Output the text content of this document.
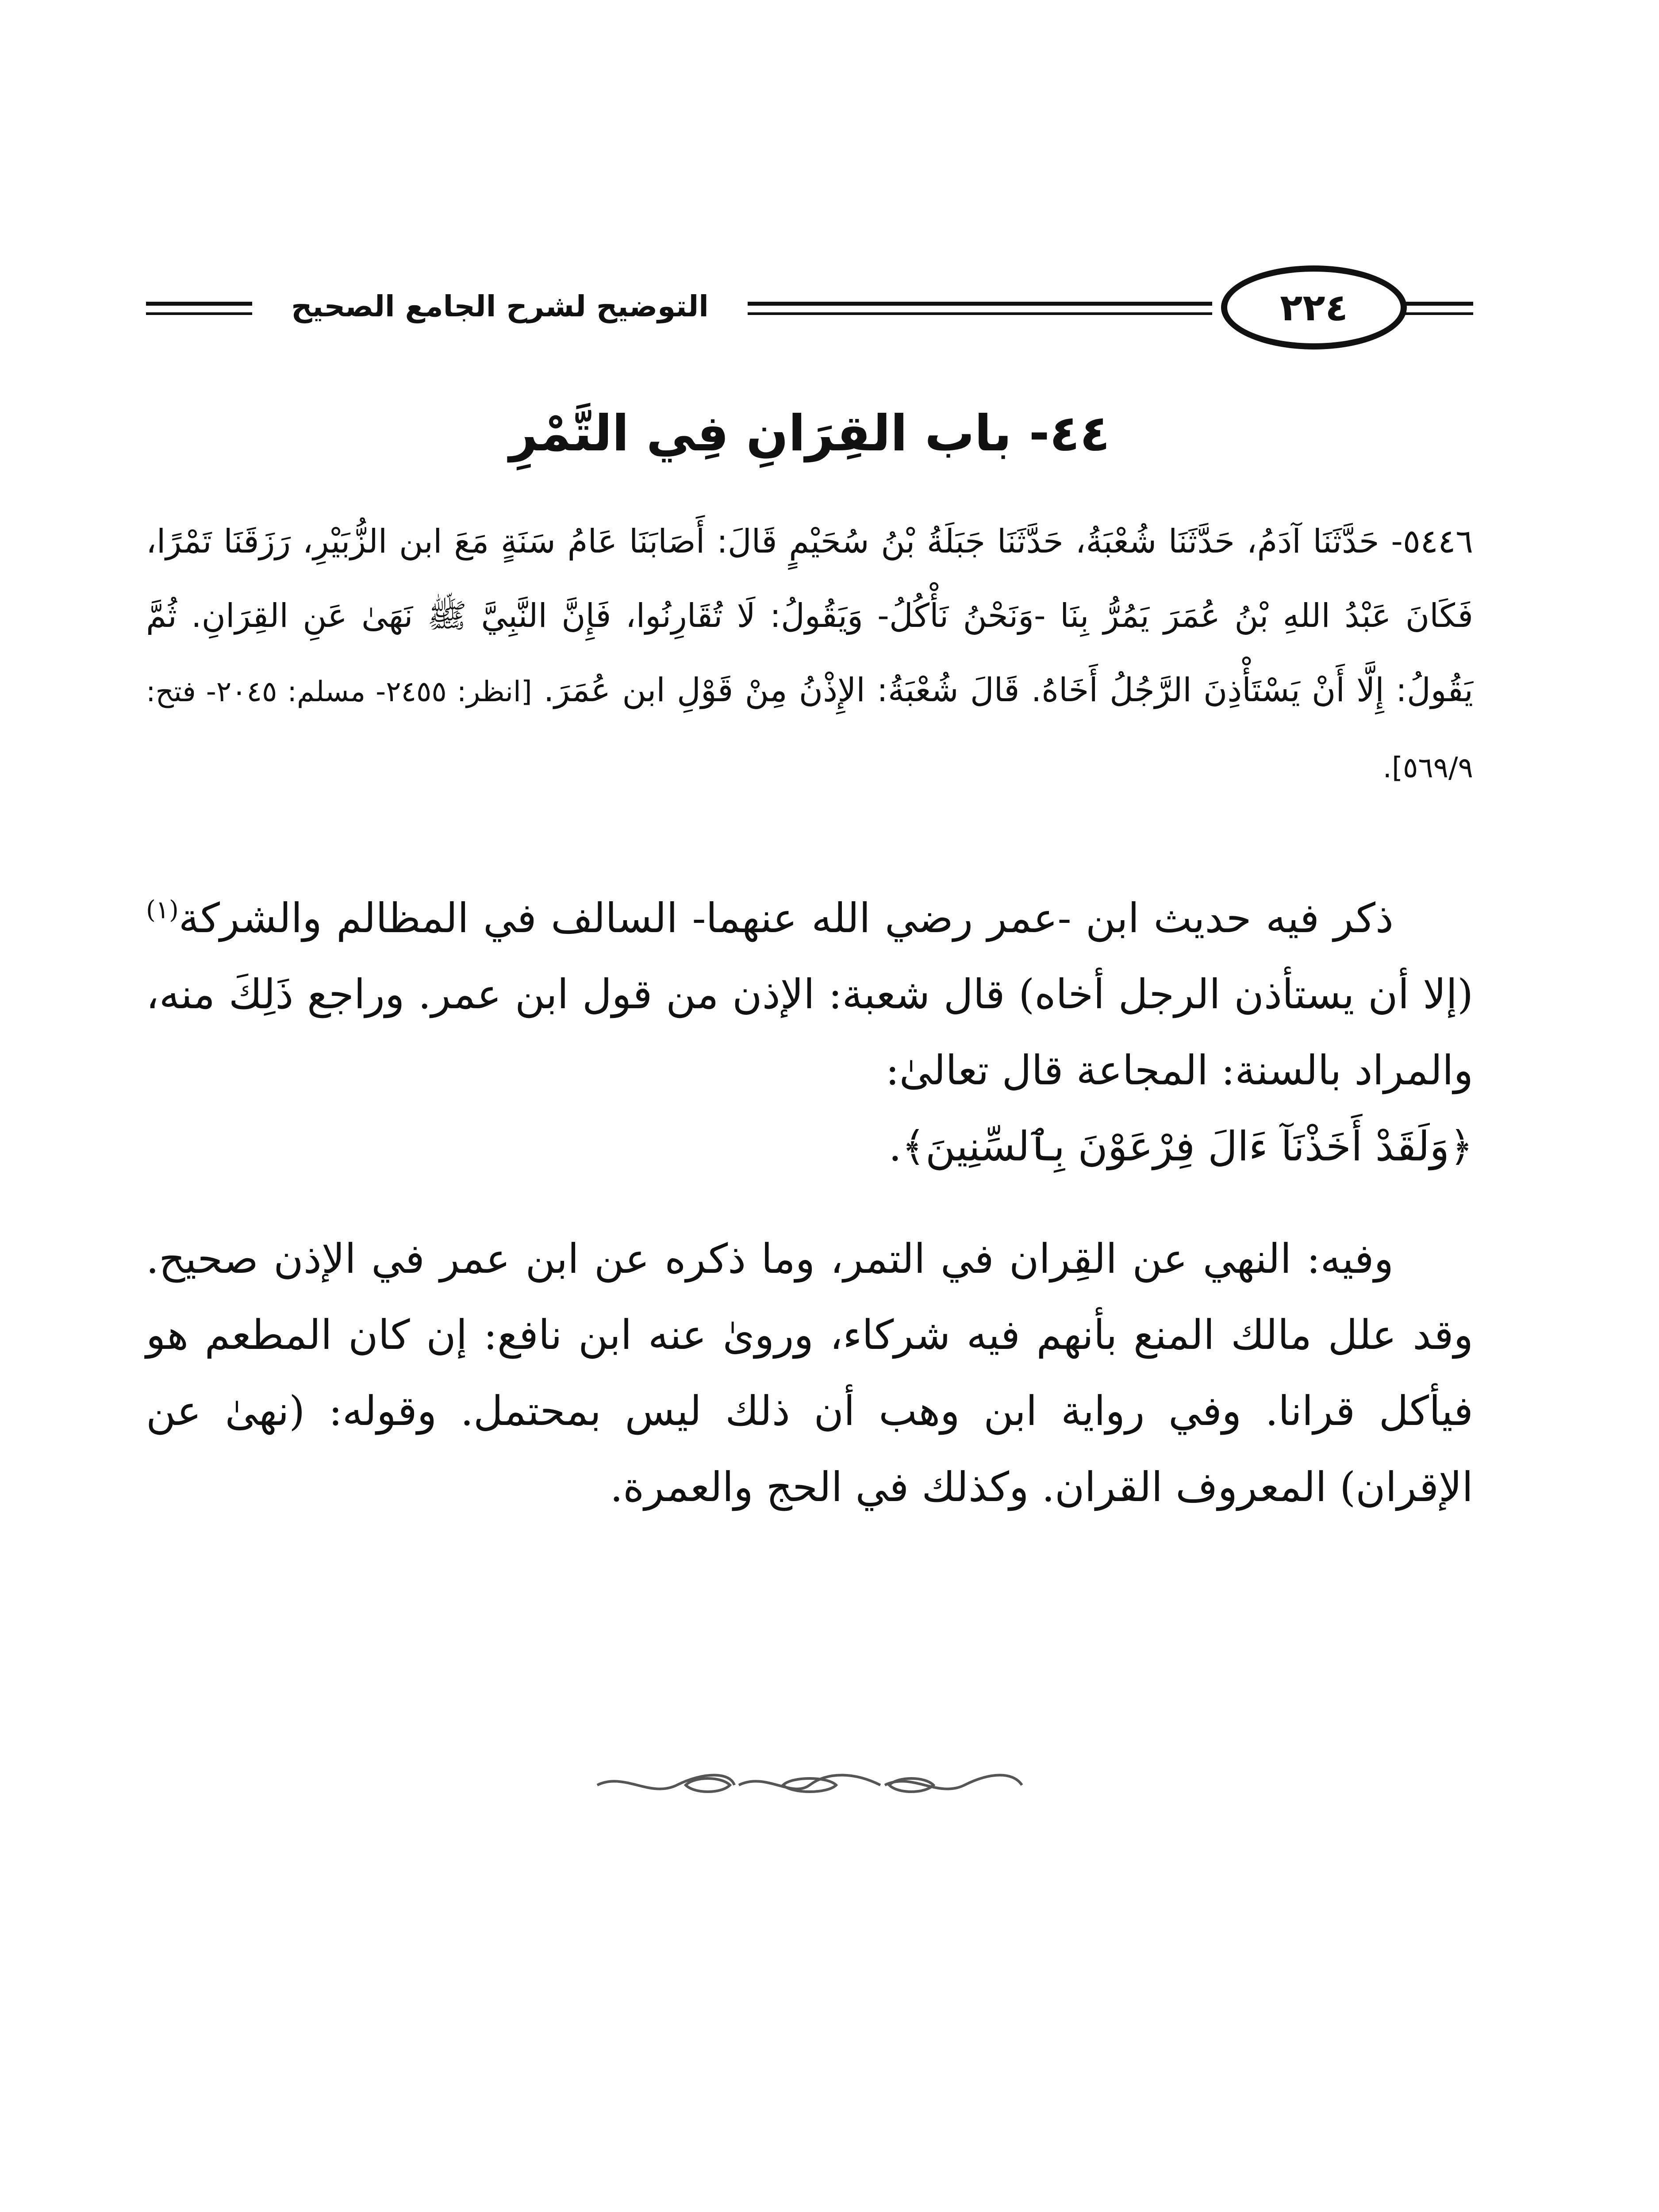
٢٢٤
التوضيح لشرح الجامع الصحيح
٤٤- باب القِرَانِ فِي التَّمْرِ

٥٤٤٦- حَدَّثَنَا آدَمُ، حَدَّثَنَا شُعْبَةُ، حَدَّثَنَا جَبَلَةُ بْنُ سُحَيْمٍ قَالَ: أَصَابَنَا عَامُ سَنَةٍ مَعَ ابن الزُّبَيْرِ، رَزَقَنَا تَمْرًا، فَكَانَ عَبْدُ اللهِ بْنُ عُمَرَ يَمُرُّ بِنَا -وَنَحْنُ نَأْكُلُ- وَيَقُولُ: لَا تُقَارِنُوا، فَإِنَّ النَّبِيَّ ﷺ نَهَىٰ عَنِ القِرَانِ. ثُمَّ يَقُولُ: إِلَّا أَنْ يَسْتَأْذِنَ الرَّجُلُ أَخَاهُ. قَالَ شُعْبَةُ: الإِذْنُ مِنْ قَوْلِ ابن عُمَرَ. [انظر: ٢٤٥٥- مسلم: ٢٠٤٥- فتح: ٥٦٩/٩].

ذكر فيه حديث ابن -عمر رضي الله عنهما- السالف في المظالم والشركة$^{(١)}$ (إلا أن يستأذن الرجل أخاه) قال شعبة: الإذن من قول ابن عمر. وراجع ذَلِكَ منه، والمراد بالسنة: المجاعة قال تعالىٰ:
﴿وَلَقَدْ أَخَذْنَآ ءَالَ فِرْعَوْنَ بِٱلسِّنِينَ﴾.

وفيه: النهي عن القِران في التمر، وما ذكره عن ابن عمر في الإذن صحيح. وقد علل مالك المنع بأنهم فيه شركاء، ورویٰ عنه ابن نافع: إن كان المطعم هو فيأكل قرانا. وفي رواية ابن وهب أن ذلك ليس بمحتمل. وقوله: (نهیٰ عن الإقران) المعروف القران. وكذلك في الحج والعمرة.
